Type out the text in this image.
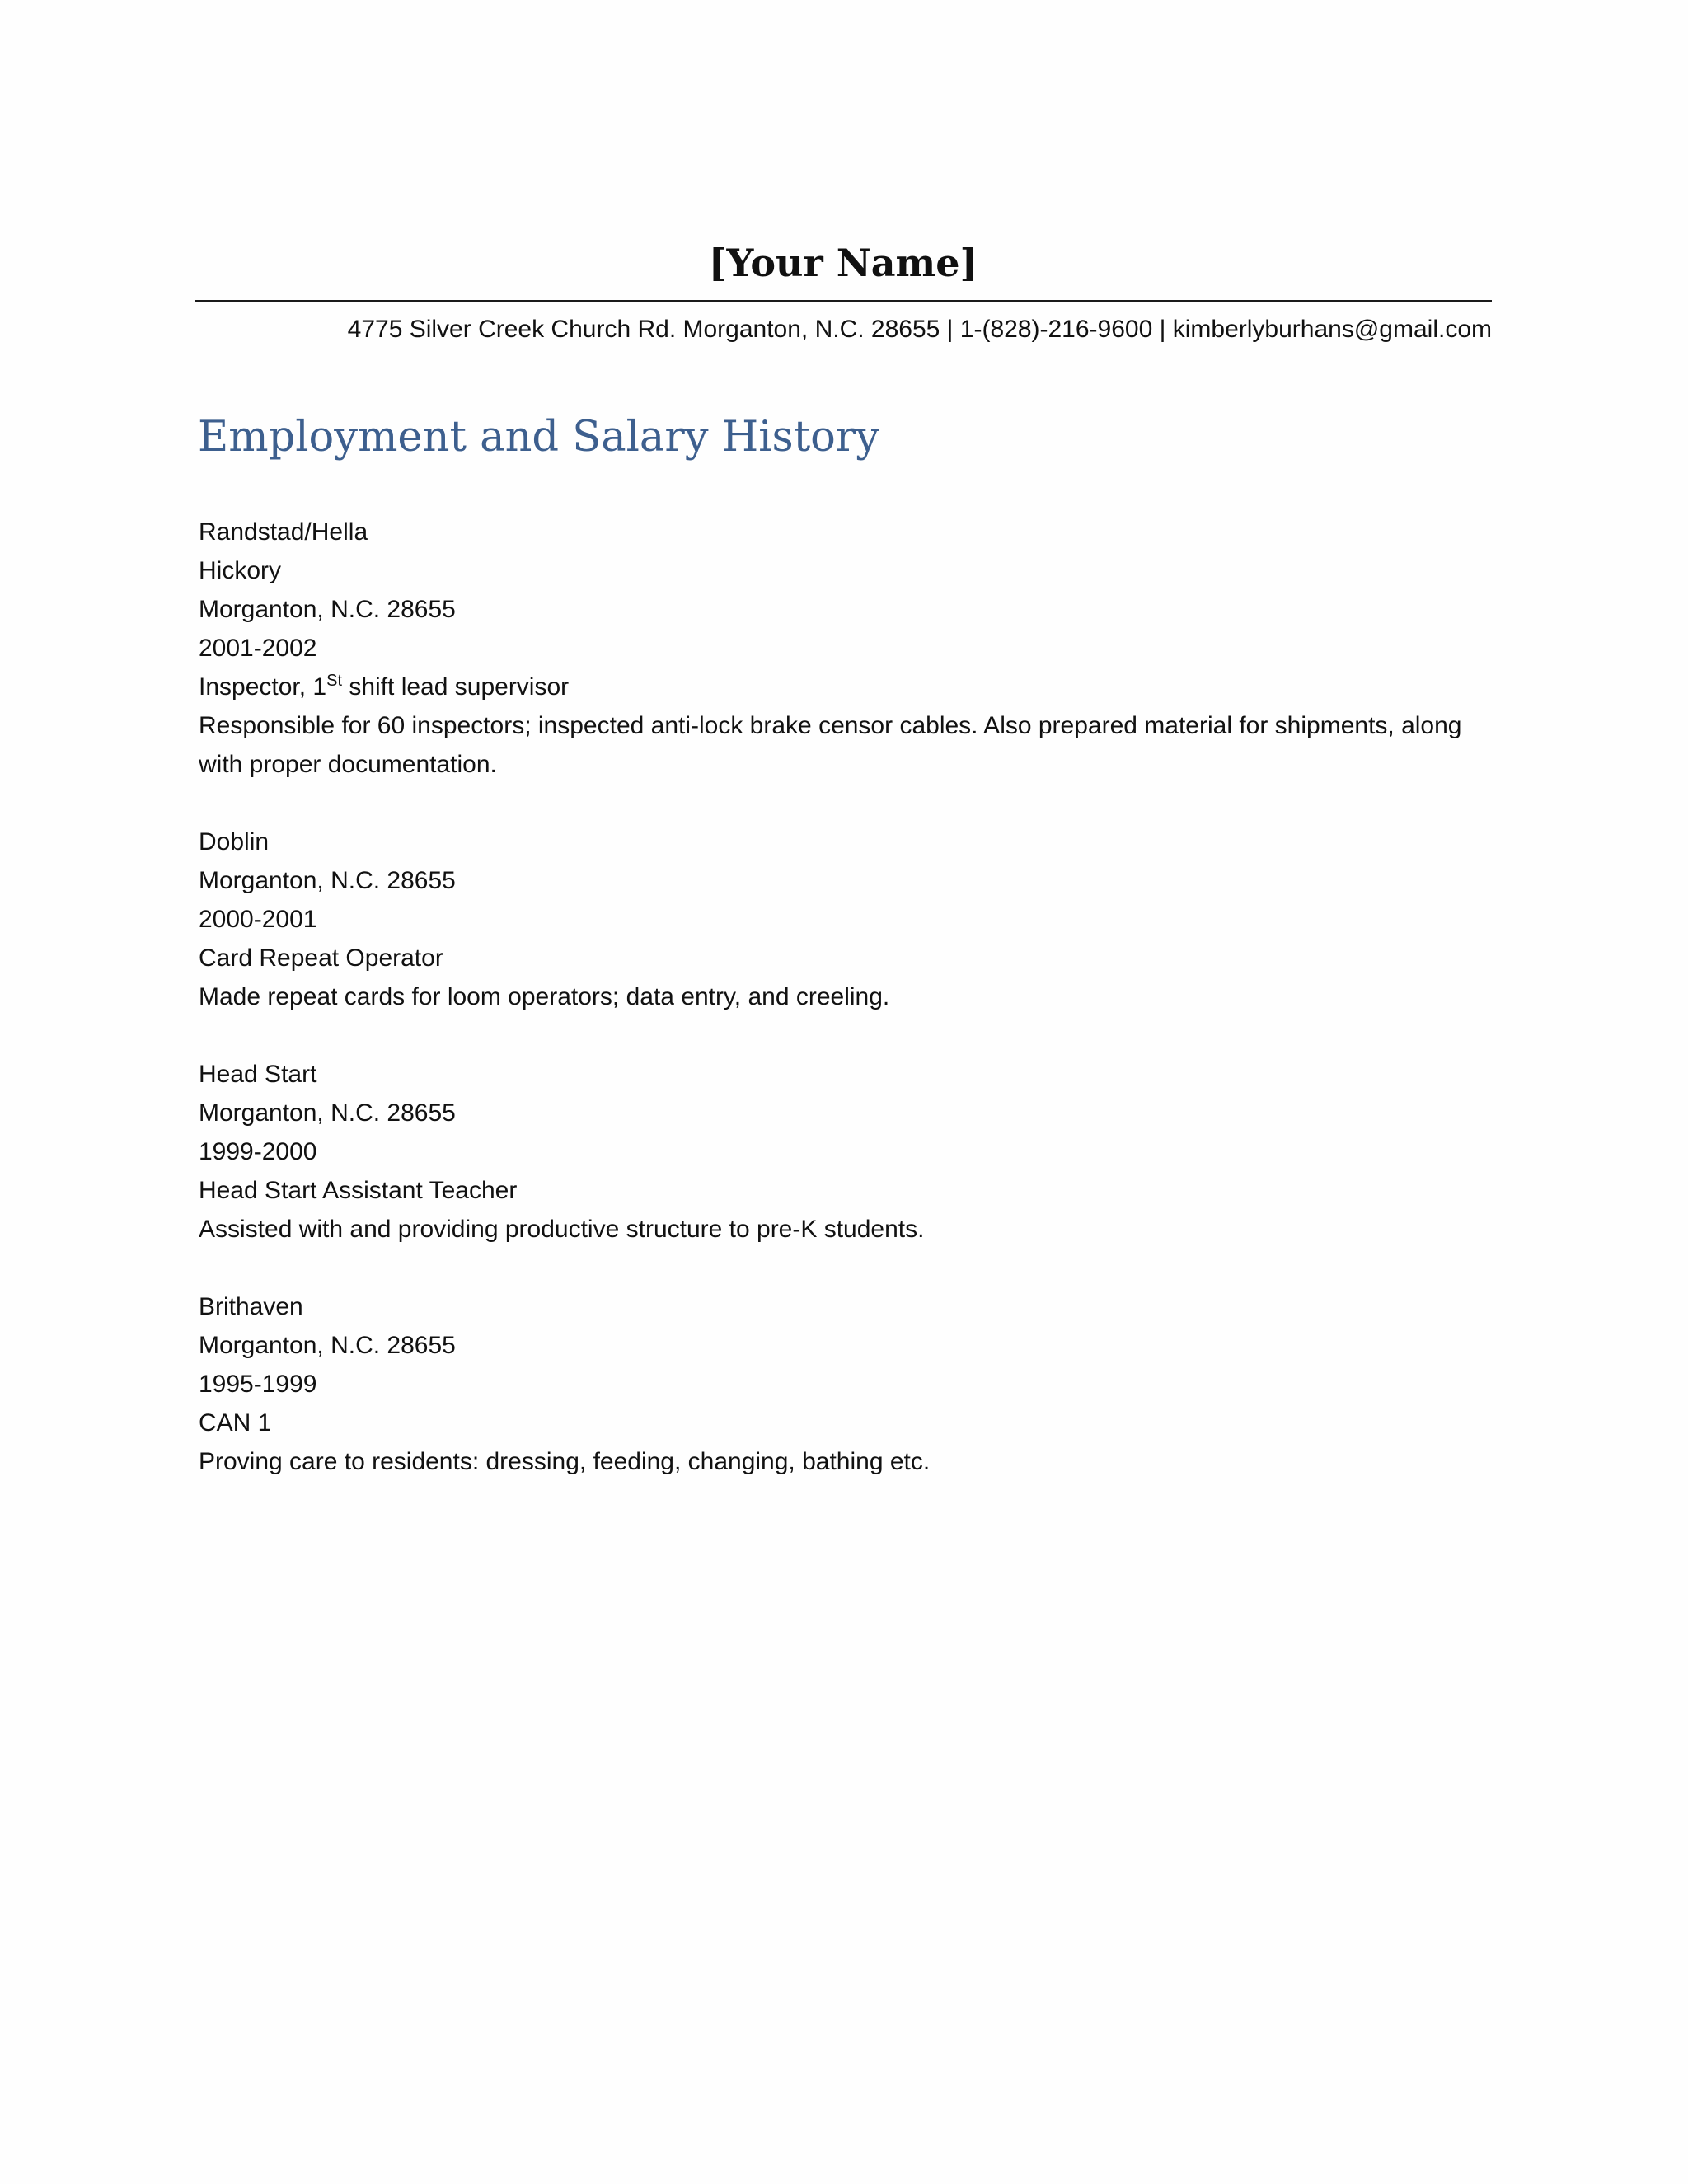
[Your Name]
4775 Silver Creek Church Rd. Morganton, N.C. 28655 | 1-(828)-216-9600 | kimberlyburhans@gmail.com
Employment and Salary History
Randstad/Hella
Hickory
Morganton, N.C. 28655
2001-2002
Inspector, 1St shift lead supervisor
Responsible for 60 inspectors; inspected anti-lock brake censor cables. Also prepared material for shipments, along with proper documentation.
Doblin
Morganton, N.C. 28655
2000-2001
Card Repeat Operator
Made repeat cards for loom operators; data entry, and creeling.
Head Start
Morganton, N.C. 28655
1999-2000
Head Start Assistant Teacher
Assisted with and providing productive structure to pre-K students.
Brithaven
Morganton, N.C. 28655
1995-1999
CAN 1
Proving care to residents: dressing, feeding, changing, bathing etc.
